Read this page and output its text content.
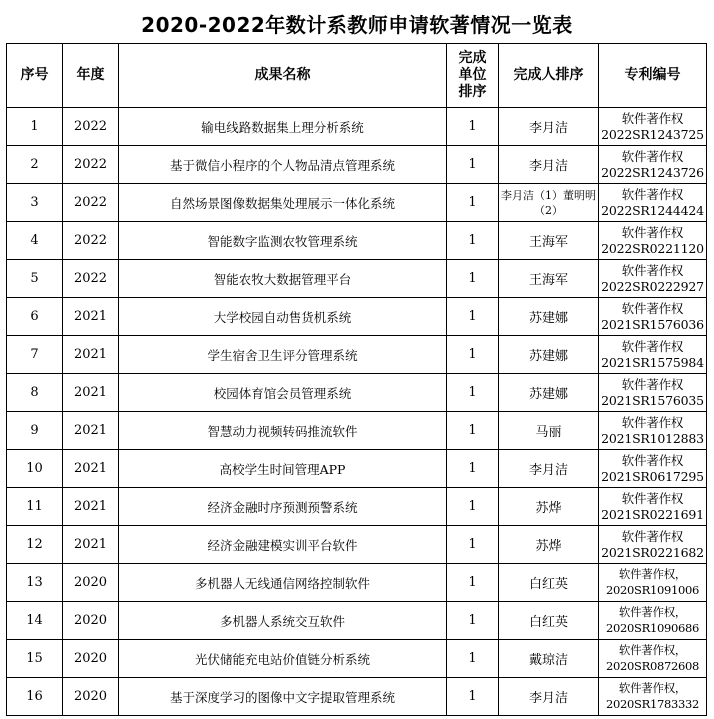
2020-2022年数计系教师申请软著情况一览表
序号	年度	成果名称	完成单位排序	完成人排序	专利编号
1	2022	输电线路数据集上理分析系统	1	李月洁	软件著作权
2022SR1243725

2	2022	基于微信小程序的个人物品清点管理系统	1	李月洁	软件著作权
2022SR1243726

3	2022	自然场景图像数据集处理展示一体化系统	1	李月洁（1）董明明（2）	软件著作权
2022SR1244424

4	2022	智能数字监测农牧管理系统	1	王海军	软件著作权
2022SR0221120

5	2022	智能农牧大数据管理平台	1	王海军	软件著作权
2022SR0222927

6	2021	大学校园自动售货机系统	1	苏建娜	软件著作权
2021SR1576036

7	2021	学生宿舍卫生评分管理系统	1	苏建娜	软件著作权
2021SR1575984

8	2021	校园体育馆会员管理系统	1	苏建娜	软件著作权
2021SR1576035

9	2021	智慧动力视频转码推流软件	1	马丽	软件著作权
2021SR1012883

10	2021	高校学生时间管理APP	1	李月洁	软件著作权
2021SR0617295

11	2021	经济金融时序预测预警系统	1	苏烨	软件著作权
2021SR0221691

12	2021	经济金融建模实训平台软件	1	苏烨	软件著作权
2021SR0221682

13	2020	多机器人无线通信网络控制软件	1	白红英	软件著作权，
2020SR1091006

14	2020	多机器人系统交互软件	1	白红英	软件著作权，
2020SR1090686

15	2020	光伏储能充电站价值链分析系统	1	戴琼洁	软件著作权，
2020SR0872608

16	2020	基于深度学习的图像中文字提取管理系统	1	李月洁	软件著作权，
2020SR1783332
